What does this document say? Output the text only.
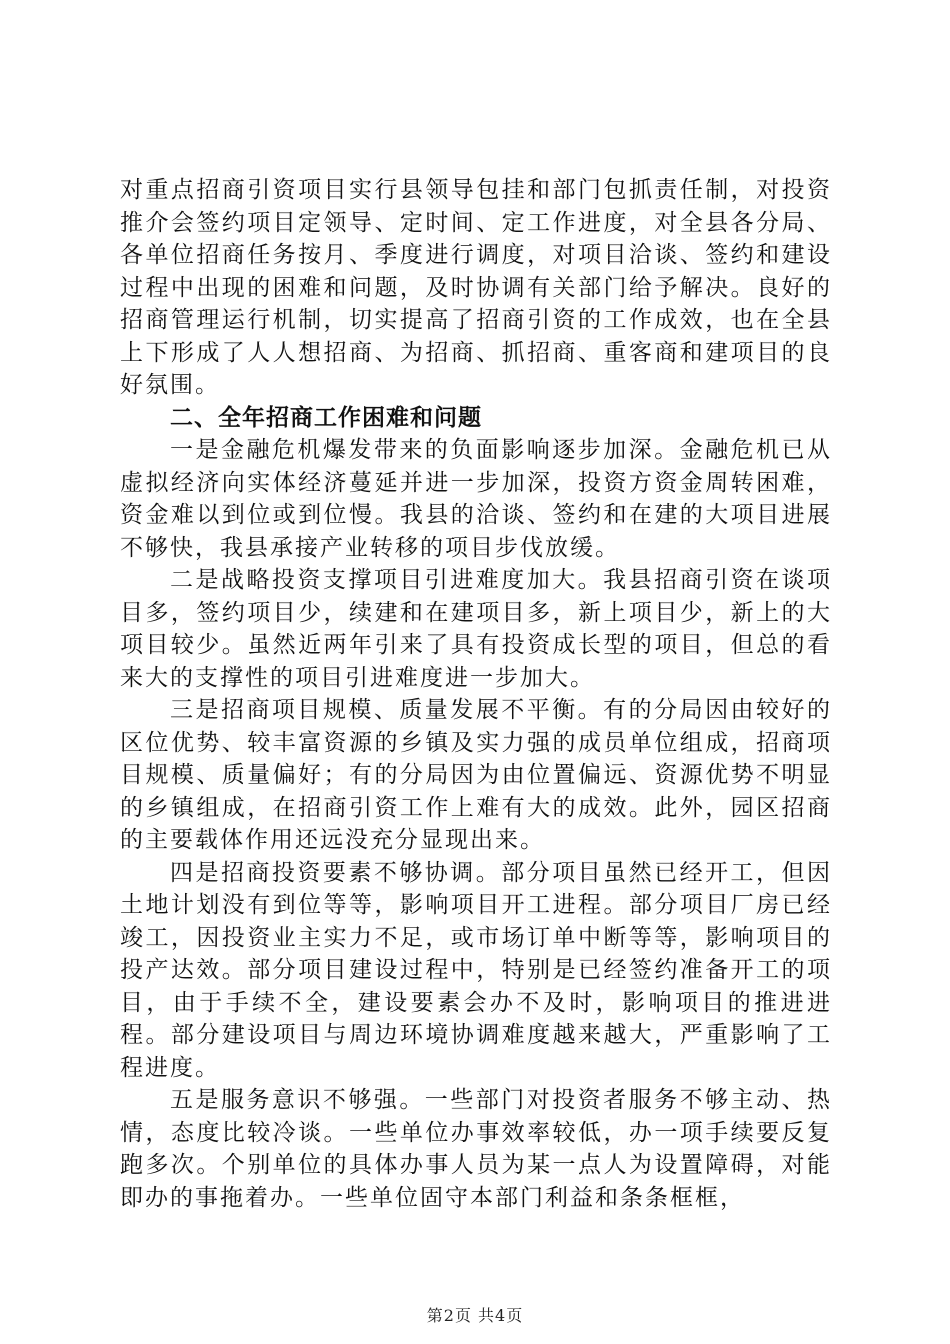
对重点招商引资项目实行县领导包挂和部门包抓责任制，对投资推介会签约项目定领导、定时间、定工作进度，对全县各分局、各单位招商任务按月、季度进行调度，对项目洽谈、签约和建设过程中出现的困难和问题，及时协调有关部门给予解决。良好的招商管理运行机制，切实提高了招商引资的工作成效，也在全县上下形成了人人想招商、为招商、抓招商、重客商和建项目的良好氛围。

二、全年招商工作困难和问题

一是金融危机爆发带来的负面影响逐步加深。金融危机已从虚拟经济向实体经济蔓延并进一步加深，投资方资金周转困难，资金难以到位或到位慢。我县的洽谈、签约和在建的大项目进展不够快，我县承接产业转移的项目步伐放缓。

二是战略投资支撑项目引进难度加大。我县招商引资在谈项目多，签约项目少，续建和在建项目多，新上项目少，新上的大项目较少。虽然近两年引来了具有投资成长型的项目，但总的看来大的支撑性的项目引进难度进一步加大。

三是招商项目规模、质量发展不平衡。有的分局因由较好的区位优势、较丰富资源的乡镇及实力强的成员单位组成，招商项目规模、质量偏好；有的分局因为由位置偏远、资源优势不明显的乡镇组成，在招商引资工作上难有大的成效。此外，园区招商的主要载体作用还远没充分显现出来。

四是招商投资要素不够协调。部分项目虽然已经开工，但因土地计划没有到位等等，影响项目开工进程。部分项目厂房已经竣工，因投资业主实力不足，或市场订单中断等等，影响项目的投产达效。部分项目建设过程中，特别是已经签约准备开工的项目，由于手续不全，建设要素会办不及时，影响项目的推进进程。部分建设项目与周边环境协调难度越来越大，严重影响了工程进度。

五是服务意识不够强。一些部门对投资者服务不够主动、热情，态度比较冷谈。一些单位办事效率较低，办一项手续要反复跑多次。个别单位的具体办事人员为某一点人为设置障碍，对能即办的事拖着办。一些单位固守本部门利益和条条框框，

第2页 共4页
